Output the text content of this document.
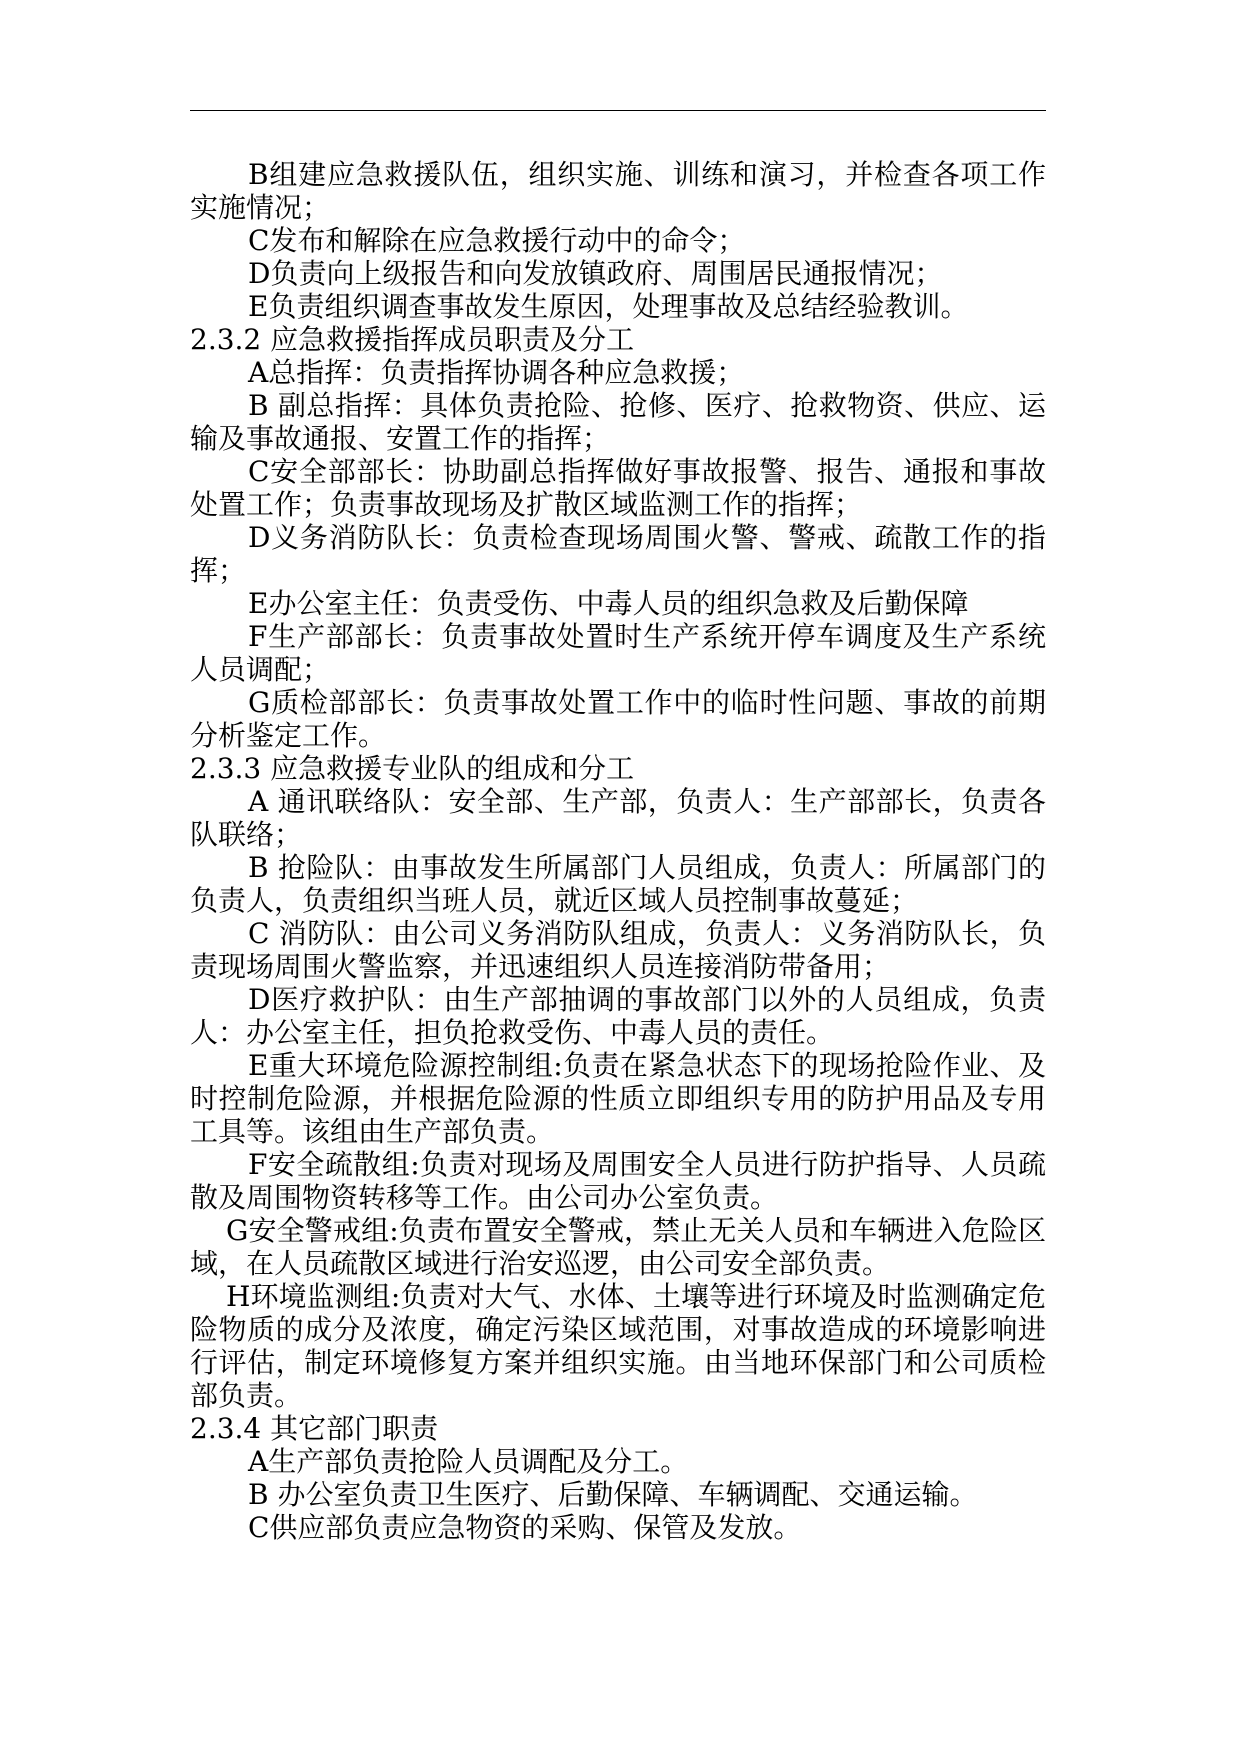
B组建应急救援队伍，组织实施、训练和演习，并检查各项工作实施情况；

C发布和解除在应急救援行动中的命令；

D负责向上级报告和向发放镇政府、周围居民通报情况；

E负责组织调查事故发生原因，处理事故及总结经验教训。

2.3.2 应急救援指挥成员职责及分工

A总指挥：负责指挥协调各种应急救援；

B 副总指挥：具体负责抢险、抢修、医疗、抢救物资、供应、运输及事故通报、安置工作的指挥；

C安全部部长：协助副总指挥做好事故报警、报告、通报和事故处置工作；负责事故现场及扩散区域监测工作的指挥；

D义务消防队长：负责检查现场周围火警、警戒、疏散工作的指挥；

E办公室主任：负责受伤、中毒人员的组织急救及后勤保障

F生产部部长：负责事故处置时生产系统开停车调度及生产系统人员调配；

G质检部部长：负责事故处置工作中的临时性问题、事故的前期分析鉴定工作。

2.3.3 应急救援专业队的组成和分工

A 通讯联络队：安全部、生产部，负责人：生产部部长，负责各队联络；

B 抢险队：由事故发生所属部门人员组成，负责人：所属部门的负责人，负责组织当班人员，就近区域人员控制事故蔓延；

C 消防队：由公司义务消防队组成，负责人：义务消防队长，负责现场周围火警监察，并迅速组织人员连接消防带备用；

D医疗救护队：由生产部抽调的事故部门以外的人员组成，负责人：办公室主任，担负抢救受伤、中毒人员的责任。

E重大环境危险源控制组:负责在紧急状态下的现场抢险作业、及时控制危险源，并根据危险源的性质立即组织专用的防护用品及专用工具等。该组由生产部负责。

F安全疏散组:负责对现场及周围安全人员进行防护指导、人员疏散及周围物资转移等工作。由公司办公室负责。

G安全警戒组:负责布置安全警戒，禁止无关人员和车辆进入危险区域，在人员疏散区域进行治安巡逻，由公司安全部负责。

H环境监测组:负责对大气、水体、土壤等进行环境及时监测确定危险物质的成分及浓度，确定污染区域范围，对事故造成的环境影响进行评估，制定环境修复方案并组织实施。由当地环保部门和公司质检部负责。

2.3.4 其它部门职责

A生产部负责抢险人员调配及分工。

B 办公室负责卫生医疗、后勤保障、车辆调配、交通运输。

C供应部负责应急物资的采购、保管及发放。
